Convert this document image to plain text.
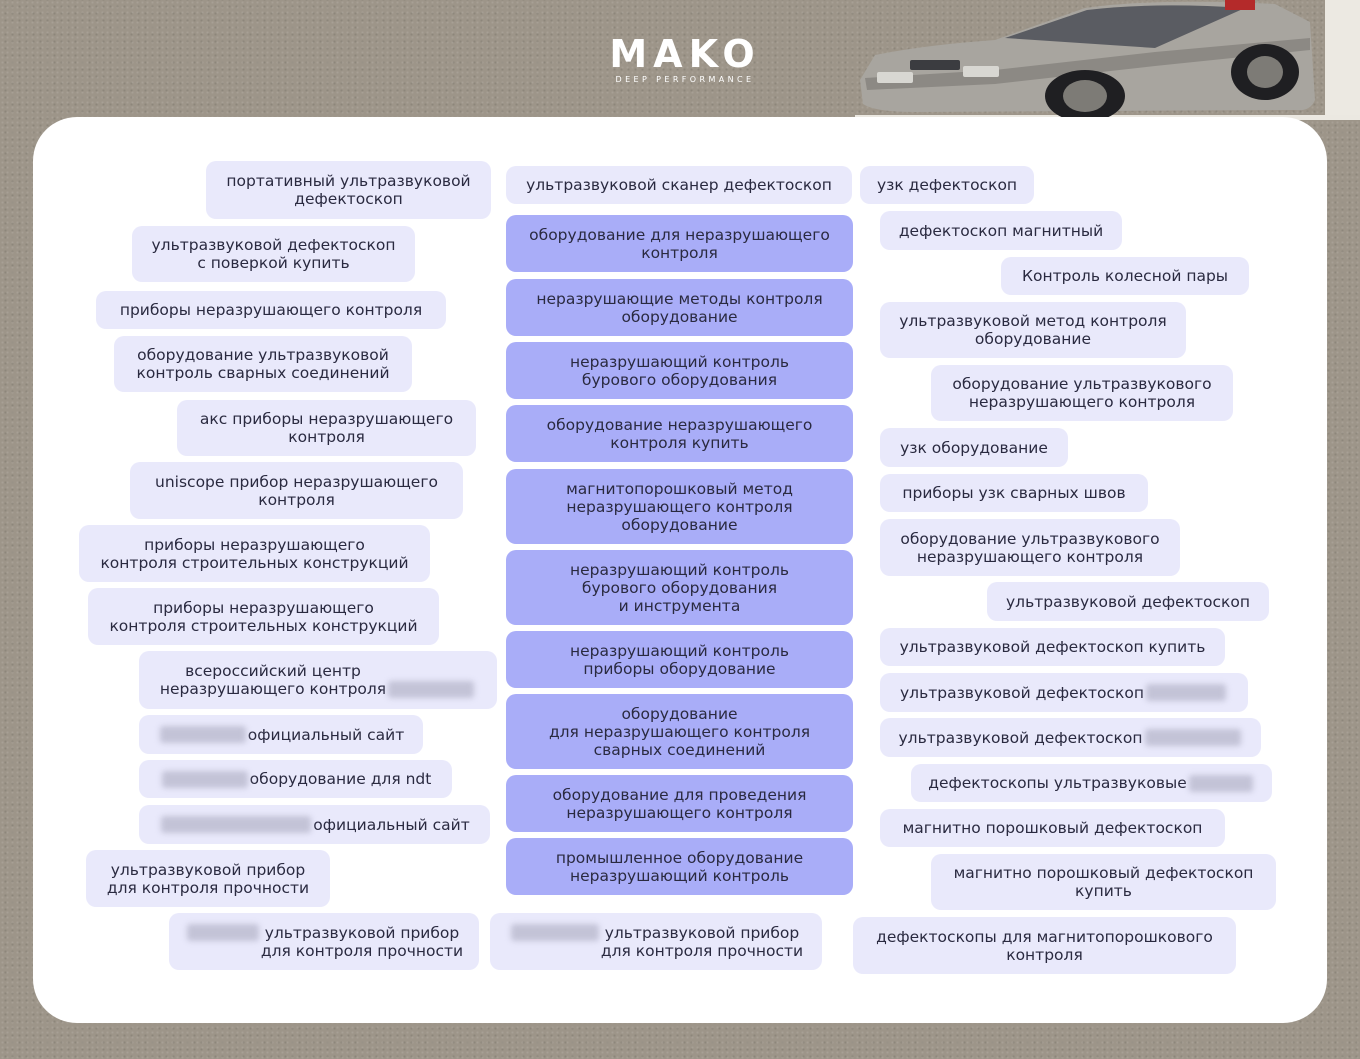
MAKO
DEEP PERFORMANCE
портативный ультразвуковой
дефектоскоп
ультразвуковой дефектоскоп
с поверкой купить
приборы неразрушающего контроля
оборудование ультразвуковой
контроль сварных соединений
акс приборы неразрушающего
контроля
uniscope прибор неразрушающего
контроля
приборы неразрушающего
контроля строительных конструкций
приборы неразрушающего
контроля строительных конструкций
всероссийский центр
неразрушающего контроля
официальный сайт
оборудование для ndt
официальный сайт
ультразвуковой прибор
для контроля прочности
ультразвуковой прибор
для контроля прочности
ультразвуковой сканер дефектоскоп
оборудование для неразрушающего
контроля
неразрушающие методы контроля
оборудование
неразрушающий контроль
бурового оборудования
оборудование неразрушающего
контроля купить
магнитопорошковый метод
неразрушающего контроля
оборудование
неразрушающий контроль
бурового оборудования
и инструмента
неразрушающий контроль
приборы оборудование
оборудование
для неразрушающего контроля
сварных соединений
оборудование для проведения
неразрушающего контроля
промышленное оборудование
неразрушающий контроль
ультразвуковой прибор
для контроля прочности
узк дефектоскоп
дефектоскоп магнитный
Контроль колесной пары
ультразвуковой метод контроля
оборудование
оборудование ультразвукового
неразрушающего контроля
узк оборудование
приборы узк сварных швов
оборудование ультразвукового
неразрушающего контроля
ультразвуковой дефектоскоп
ультразвуковой дефектоскоп купить
ультразвуковой дефектоскоп
ультразвуковой дефектоскоп
дефектоскопы ультразвуковые
магнитно порошковый дефектоскоп
магнитно порошковый дефектоскоп
купить
дефектоскопы для магнитопорошкового
контроля
